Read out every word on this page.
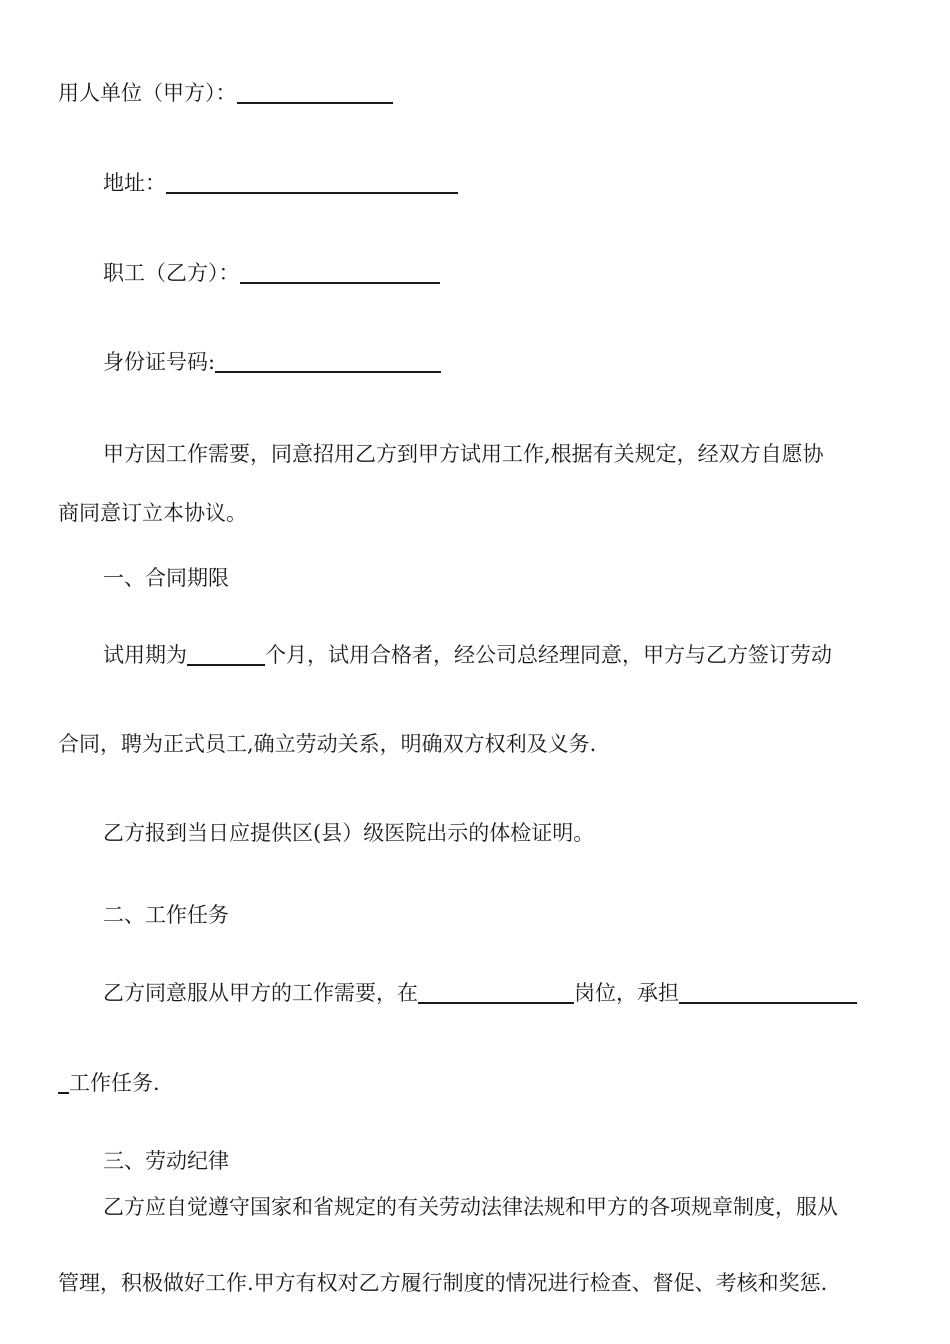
用人单位（甲方）：
地址：
职工（乙方）：
身份证号码:
甲方因工作需要，同意招用乙方到甲方试用工作,根据有关规定，经双方自愿协
商同意订立本协议。
一、合同期限
试用期为	个月，试用合格者，经公司总经理同意，甲方与乙方签订劳动
合同，聘为正式员工,确立劳动关系，明确双方权利及义务.
乙方报到当日应提供区(县）级医院出示的体检证明。
二、工作任务
乙方同意服从甲方的工作需要，在	岗位，承担
工作任务.
三、劳动纪律
乙方应自觉遵守国家和省规定的有关劳动法律法规和甲方的各项规章制度，服从
管理，积极做好工作.甲方有权对乙方履行制度的情况进行检查、督促、考核和奖惩.
